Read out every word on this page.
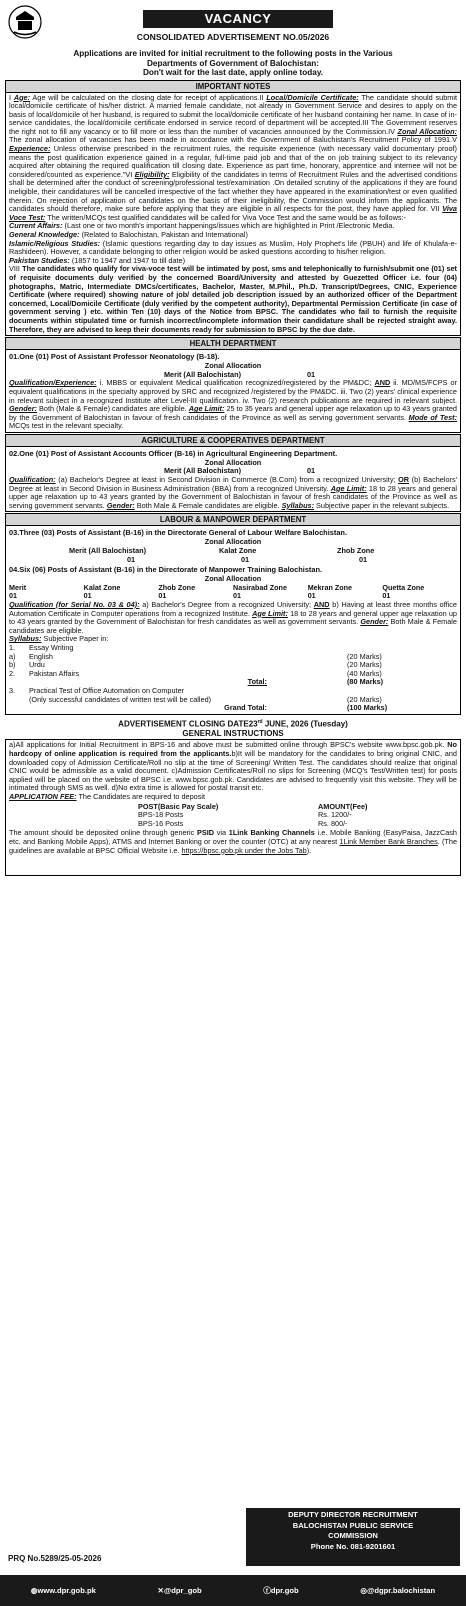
VACANCY
CONSOLIDATED ADVERTISEMENT NO.05/2026
Applications are invited for initial recruitment to the following posts in the Various
Departments of Government of Balochistan:
Don't wait for the last date, apply online today.
IMPORTANT NOTES
I Age: Age will be calculated on the closing date for receipt of applications.II Local/Domicile Certificate: The candidate should submit local/domicile certificate of his/her district. A married female candidate, not already in Government Service and desires to apply on the basis of local/domicile of her husband, is required to submit the local/domicile certificate of her husband containing her name. In case of in-service candidates, the local/domicile certificate endorsed in service record of department will be accepted.III The Government reserves the right not to fill any vacancy or to fill more or less than the number of vacancies announced by the Commission.IV Zonal Allocation: The zonal allocation of vacancies has been made in accordance with the Government of Baluchistan's Recruitment Policy of 1991.V Experience: Unless otherwise prescribed in the recruitment rules, the requisite experience (with necessary valid documentary proof) means the post qualification experience gained in a regular, full-time paid job and that of the on job training subject to its relevancy acquired after obtaining the required qualification till closing date. Experience as part time, honorary, apprentice and internee will not be considered/counted as experience."VI Eligibility: Eligibility of the candidates in terms of Recruitment Rules and the advertised conditions shall be determined after the conduct of screening/professional test/examination .On detailed scrutiny of the applications if they are found ineligible, their candidatures will be cancelled irrespective of the fact whether they have appeared in the examination/test or even qualified therein. On rejection of application of candidates on the basis of their ineligibility, the Commission would inform the applicants. The candidates should therefore, make sure before applying that they are eligible in all respects for the post, they have applied for. VII Viva Voce Test: The written/MCQs test qualified candidates will be called for Viva Voce Test and the same would be as follows:-
Current Affairs: (Last one or two month's important happenings/issues which are highlighted in Print /Electronic Media.
General Knowledge: (Related to Balochistan, Pakistan and International)
Islamic/Religious Studies: (Islamic questions regarding day to day issues as Muslim, Holy Prophet's life (PBUH) and life of Khulafa-e-Rashideen). However, a candidate belonging to other religion would be asked questions according to his/her religion.
Pakistan Studies: (1857 to 1947 and 1947 to till date)
VIII The candidates who qualify for viva-voce test will be intimated by post, sms and telephonically to furnish/submit one (01) set of requisite documents duly verified by the concerned Board/University and attested by Guezetted Officer i.e. four (04) photographs, Matric, Intermediate DMCs/certificates, Bachelor, Master, M.Phil., Ph.D. Transcript/Degrees, CNIC, Experience Certificate (where required) showing nature of job/ detailed job description issued by an authorized officer of the Department concerned, Local/Domicile Certificate (duly verified by the competent authority), Departmental Permission Certificate (in case of government serving ) etc. within Ten (10) days of the Notice from BPSC. The candidates who fail to furnish the requisite documents within stipulated time or furnish incorrect/incomplete information their candidature shall be rejected straight away. Therefore, they are advised to keep their documents ready for submission to BPSC by the due date.
HEALTH DEPARTMENT
01.One (01) Post of Assistant Professor Neonatology (B-18).
Zonal Allocation
Merit (All Balochistan)	01
Qualification/Experience: i. MBBS or equivalent Medical qualification recognized/registered by the PM&DC; AND ii. MD/MS/FCPS or equivalent qualifications in the specialty approved by SRC and recognized /registered by the PM&DC. iii. Two (2) years' clinical experience in relevant subject in a recognized Institute after Level-III qualification. iv. Two (2) research publications are required in relevant subject. Gender: Both (Male & Female) candidates are eligible. Age Limit: 25 to 35 years and general upper age relaxation up to 43 years granted by the Government of Balochistan in favour of fresh candidates of the Province as well as serving government servants. Mode of Test: MCQs test in the relevant specialty.
AGRICULTURE & COOPERATIVES DEPARTMENT
02.One (01) Post of Assistant Accounts Officer (B-16) in Agricultural Engineering Department.
Zonal Allocation
Merit (All Balochistan)	01
Qualification: (a) Bachelor's Degree at least in Second Division in Commerce (B.Com) from a recognized University; OR (b) Bachelors' Degree at least in Second Division in Business Administration (BBA) from a recognized University. Age Limit: 18 to 28 years and general upper age relaxation up to 43 years granted by the Government of Balochistan in favour of fresh candidates of the Province as well as serving government servants. Gender: Both Male & Female candidates are eligible. Syllabus: Subjective paper in the relevant subjects.
LABOUR & MANPOWER DEPARTMENT
03.Three (03) Posts of Assistant (B-16) in the Directorate General of Labour Welfare Balochistan.
Zonal Allocation
Merit (All Balochistan)	Kalat Zone	Zhob Zone
01	01	01
04.Six (06) Posts of Assistant (B-16) in the Directorate of Manpower Training Balochistan.
Zonal Allocation
Merit	Kalat Zone	Zhob Zone	Nasirabad Zone	Mekran Zone	Quetta Zone
01	01	01	01	01	01
Qualification (for Serial No. 03 & 04): a) Bachelor's Degree from a recognized University; AND b) Having at least three months office Automation Certificate in Computer operations from a recognized Institute. Age Limit: 18 to 28 years and general upper age relaxation up to 43 years granted by the Government of Balochistan for fresh candidates as well as government servants. Gender: Both Male & Female candidates are eligible.
Syllabus: Subjective Paper in:
1.	Essay Writing	
a)	English	(20 Marks)
b)	Urdu	(20 Marks)
2.	Pakistan Affairs	(40 Marks)
	Total:	(80 Marks)
3.	Practical Test of Office Automation on Computer	
	(Only successful candidates of written test will be called)	(20 Marks)
	Grand Total:	(100 Marks)
ADVERTISEMENT CLOSING DATE23rd JUNE, 2026 (Tuesday)
GENERAL INSTRUCTIONS
a)All applications for Initial Recruitment in BPS-16 and above must be submitted online through BPSC's website www.bpsc.gob.pk. No hardcopy of online application is required from the applicants.b)It will be mandatory for the candidates to bring original CNIC, and downloaded copy of Admission Certificate/Roll no slip at the time of Screening/ Written Test. The candidates should realize that original CNIC would be admissible as a valid document. c)Admission Certificates/Roll no slips for Screening (MCQ's Test/Written test) for posts applied will be placed on the website of BPSC i.e. www.bpsc.gob.pk. Candidates are advised to frequently visit this website. They will be intimated through SMS as well. d)No extra time is allowed for postal transit etc.
APPLICATION FEE: The Candidates are required to deposit
POST(Basic Pay Scale)	AMOUNT(Fee)
BPS-18 Posts	Rs. 1200/-
BPS-16 Posts	Rs. 800/-
The amount should be deposited online through generic PSID via 1Link Banking Channels i.e. Mobile Banking (EasyPaisa, JazzCash etc. and Banking Mobile Apps), ATMS and Internet Banking or over the counter (OTC) at any nearest 1Link Member Bank Branches. (The guidelines are available at BPSC Official Website i.e. https://bpsc.gob.pk under the Jobs Tab).
DEPUTY DIRECTOR RECRUITMENT
BALOCHISTAN PUBLIC SERVICE
COMMISSION
Phone No. 081-9201601
PRQ No.5289/25-05-2026
◍www.dpr.gob.pk	✕@dpr_gob	ⓕdpr.gob	◎@dgpr.balochistan
